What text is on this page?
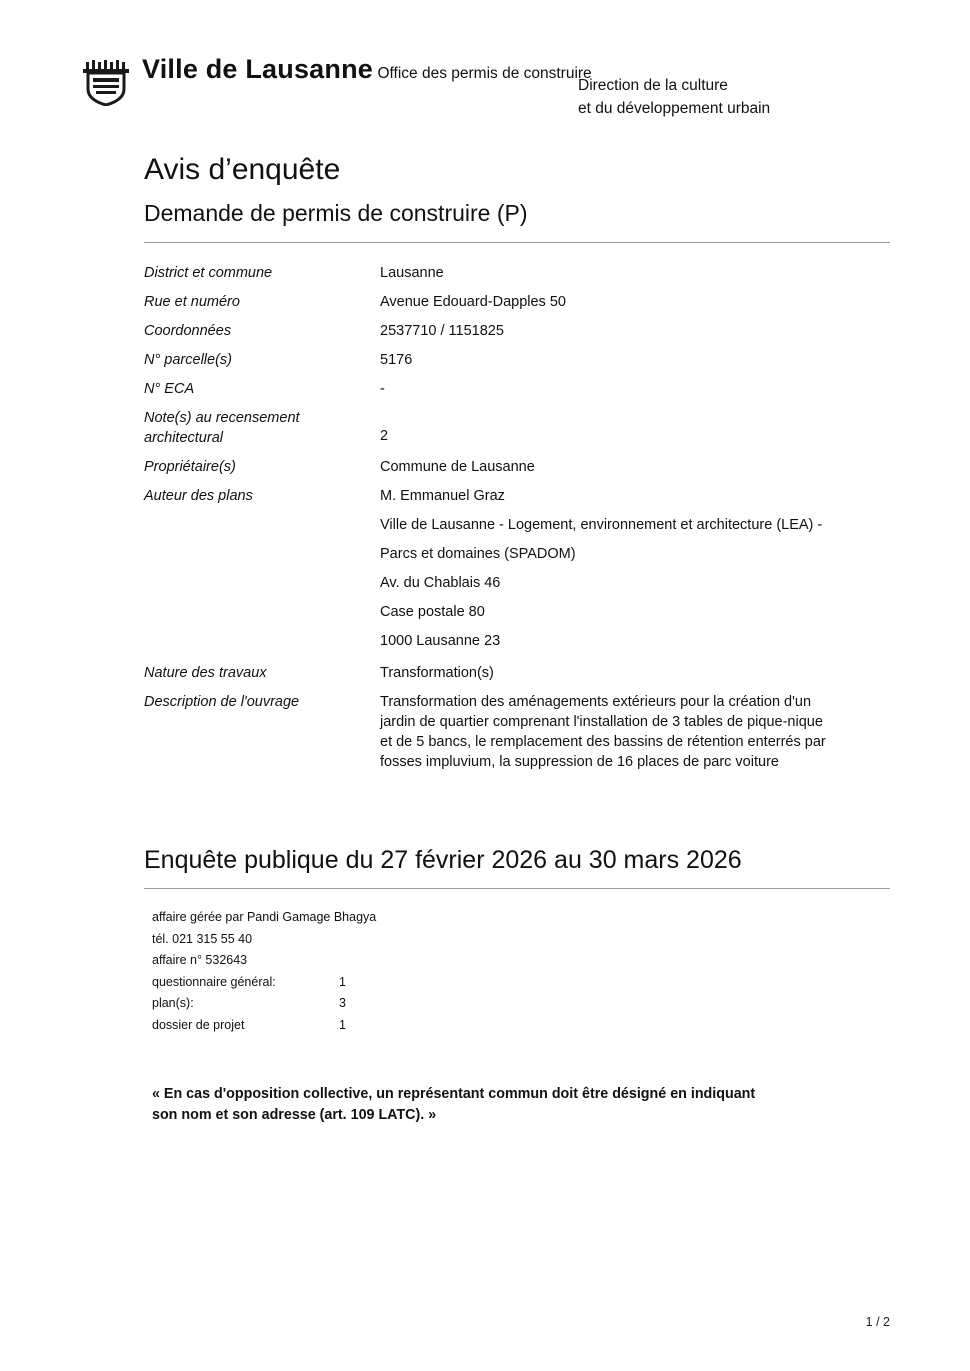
Ville de Lausanne Office des permis de construire
Direction de la culture
et du développement urbain
Avis d’enquête
Demande de permis de construire (P)
District et commune	Lausanne
Rue et numéro	Avenue Edouard-Dapples 50
Coordonnées	2537710 / 1151825
N° parcelle(s)	5176
N° ECA	-
Note(s) au recensement architectural	2
Propriétaire(s)	Commune de Lausanne
Auteur des plans	M. Emmanuel Graz
Ville de Lausanne - Logement, environnement et architecture (LEA) -
Parcs et domaines (SPADOM)
Av. du Chablais 46
Case postale 80
1000 Lausanne 23

Nature des travaux	Transformation(s)
Description de l'ouvrage	Transformation des aménagements extérieurs pour la création d'un
jardin de quartier comprenant l'installation de 3 tables de pique-nique
et de 5 bancs, le remplacement des bassins de rétention enterrés par
fosses impluvium, la suppression de 16 places de parc voiture
Enquête publique du 27 février 2026 au 30 mars 2026
affaire gérée par Pandi Gamage Bhagya
tél. 021 315 55 40
affaire n° 532643
questionnaire général:	1
plan(s):	3
dossier de projet	1
« En cas d'opposition collective, un représentant commun doit être désigné en indiquant
son nom et son adresse (art. 109 LATC). »
1 / 2
